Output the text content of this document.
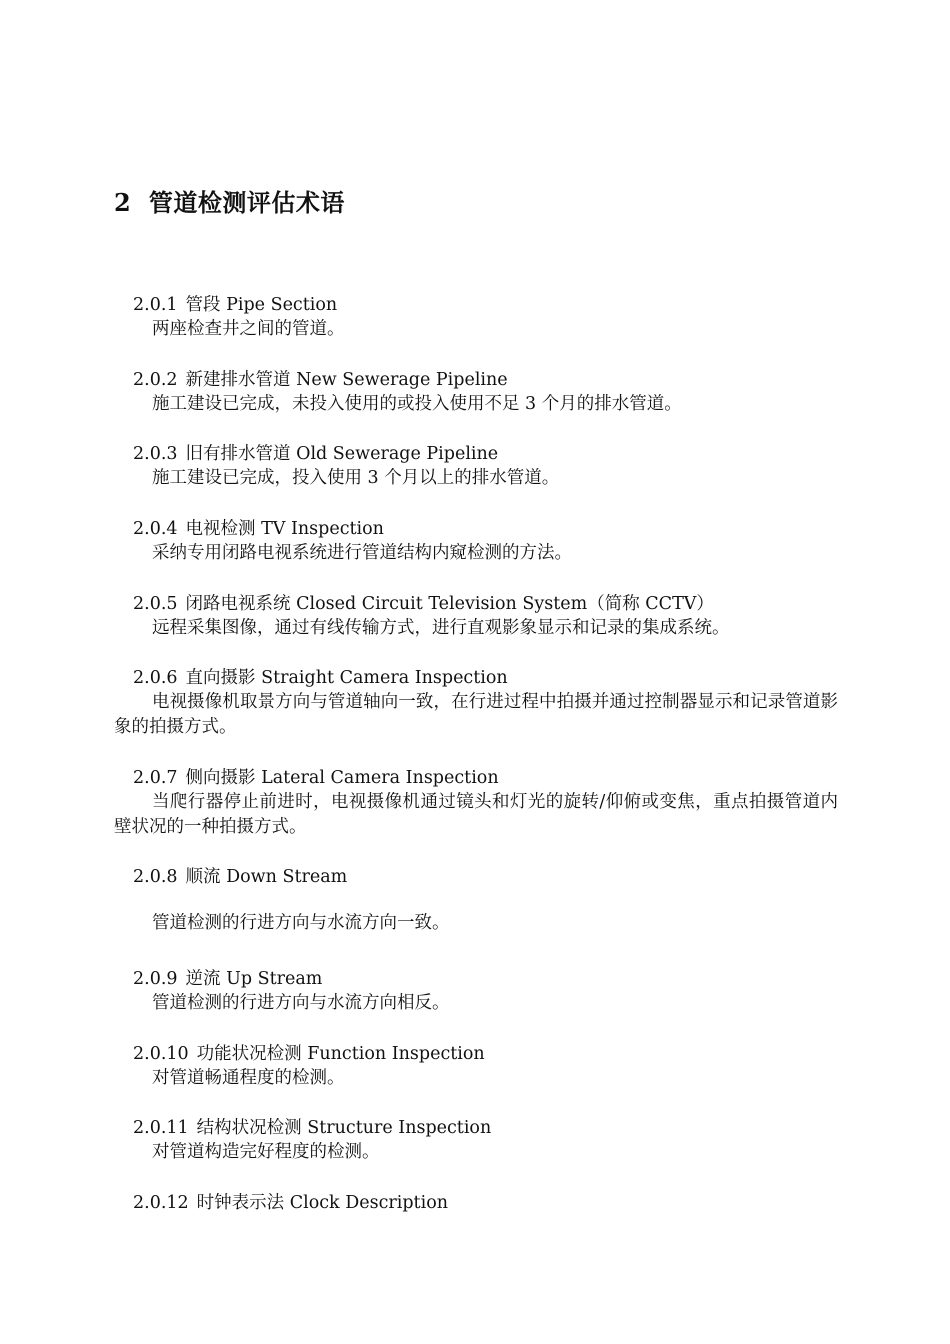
2 管道检测评估术语
2.0.1 管段 Pipe Section

两座检查井之间的管道。

2.0.2 新建排水管道 New Sewerage Pipeline

施工建设已完成，未投入使用的或投入使用不足 3 个月的排水管道。

2.0.3 旧有排水管道 Old Sewerage Pipeline

施工建设已完成，投入使用 3 个月以上的排水管道。

2.0.4 电视检测 TV Inspection

采纳专用闭路电视系统进行管道结构内窥检测的方法。

2.0.5 闭路电视系统 Closed Circuit Television System（简称 CCTV）

远程采集图像，通过有线传输方式，进行直观影象显示和记录的集成系统。

2.0.6 直向摄影 Straight Camera Inspection

电视摄像机取景方向与管道轴向一致，在行进过程中拍摄并通过控制器显示和记录管道影象的拍摄方式。

2.0.7 侧向摄影 Lateral Camera Inspection

当爬行器停止前进时，电视摄像机通过镜头和灯光的旋转/仰俯或变焦，重点拍摄管道内壁状况的一种拍摄方式。

2.0.8 顺流 Down Stream

管道检测的行进方向与水流方向一致。

2.0.9 逆流 Up Stream

管道检测的行进方向与水流方向相反。

2.0.10 功能状况检测 Function Inspection

对管道畅通程度的检测。

2.0.11 结构状况检测 Structure Inspection

对管道构造完好程度的检测。

2.0.12 时钟表示法 Clock Description
